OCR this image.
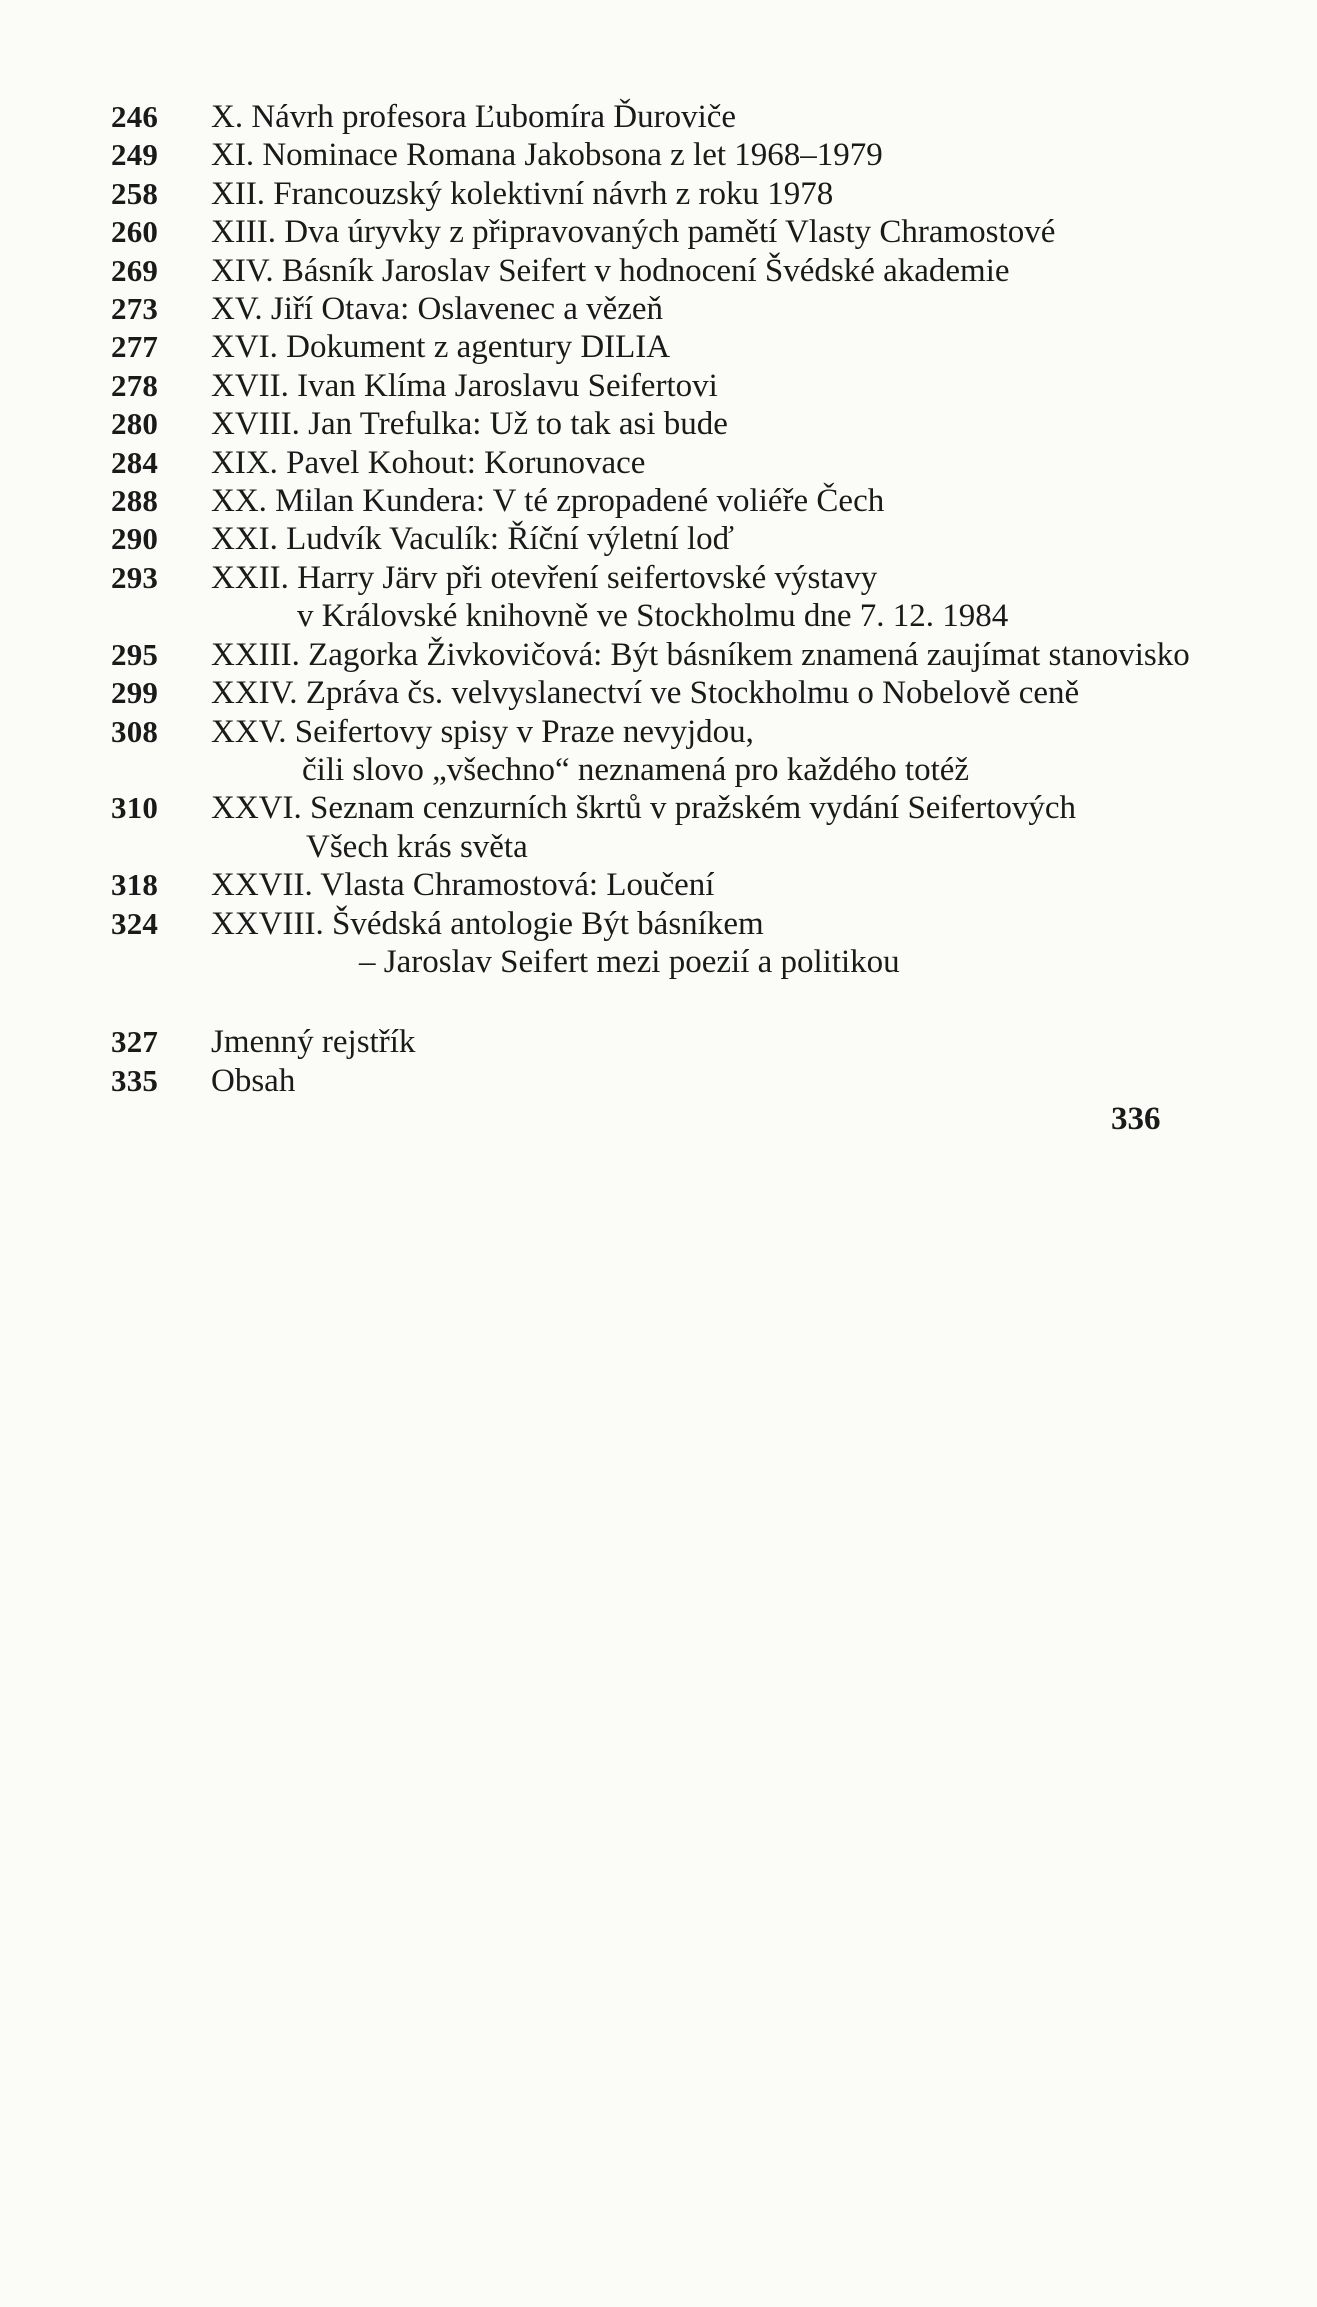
246	X. Návrh profesora Ľubomíra Ďuroviče
249	XI. Nominace Romana Jakobsona z let 1968–1979
258	XII. Francouzský kolektivní návrh z roku 1978
260	XIII. Dva úryvky z připravovaných pamětí Vlasty Chramostové
269	XIV. Básník Jaroslav Seifert v hodnocení Švédské akademie
273	XV. Jiří Otava: Oslavenec a vězeň
277	XVI. Dokument z agentury DILIA
278	XVII. Ivan Klíma Jaroslavu Seifertovi
280	XVIII. Jan Trefulka: Už to tak asi bude
284	XIX. Pavel Kohout: Korunovace
288	XX. Milan Kundera: V té zpropadené voliéře Čech
290	XXI. Ludvík Vaculík: Říční výletní loď
293	XXII. Harry Järv při otevření seifertovské výstavy
v Královské knihovně ve Stockholmu dne 7. 12. 1984
295	XXIII. Zagorka Živkovičová: Být básníkem znamená zaujímat stanovisko
299	XXIV. Zpráva čs. velvyslanectví ve Stockholmu o Nobelově ceně
308	XXV. Seifertovy spisy v Praze nevyjdou,
čili slovo „všechno“ neznamená pro každého totéž
310	XXVI. Seznam cenzurních škrtů v pražském vydání Seifertových
Všech krás světa
318	XXVII. Vlasta Chramostová: Loučení
324	XXVIII. Švédská antologie Být básníkem
– Jaroslav Seifert mezi poezií a politikou
327	Jmenný rejstřík
335	Obsah
336
